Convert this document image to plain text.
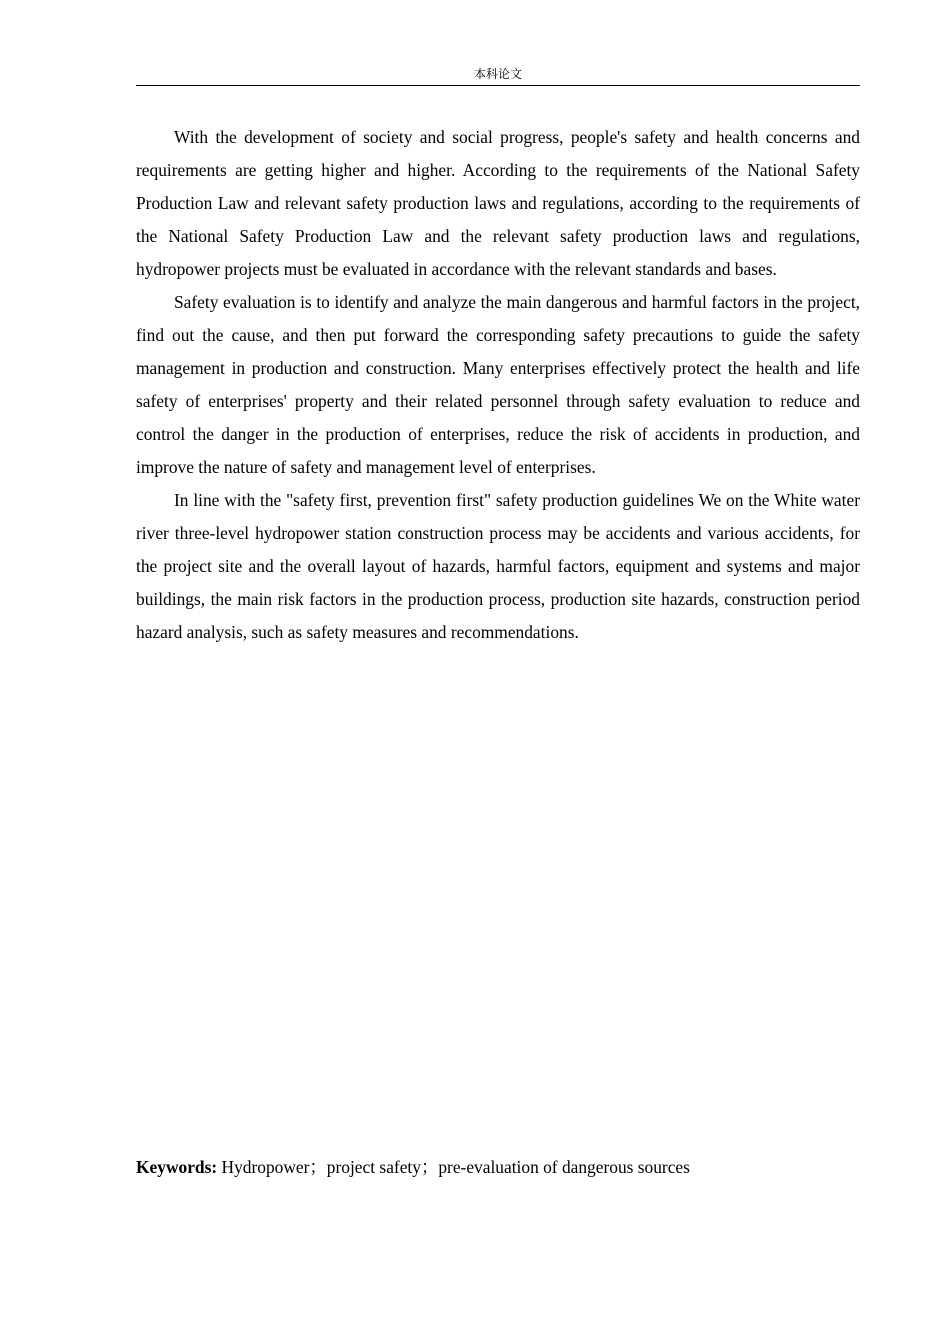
本科论文

With the development of society and social progress, people's safety and health concerns and requirements are getting higher and higher. According to the requirements of the National Safety Production Law and relevant safety production laws and regulations, according to the requirements of the National Safety Production Law and the relevant safety production laws and regulations, hydropower projects must be evaluated in accordance with the relevant standards and bases.

Safety evaluation is to identify and analyze the main dangerous and harmful factors in the project, find out the cause, and then put forward the corresponding safety precautions to guide the safety management in production and construction. Many enterprises effectively protect the health and life safety of enterprises' property and their related personnel through safety evaluation to reduce and control the danger in the production of enterprises, reduce the risk of accidents in production, and improve the nature of safety and management level of enterprises.

In line with the "safety first, prevention first" safety production guidelines We on the White water river three-level hydropower station construction process may be accidents and various accidents, for the project site and the overall layout of hazards, harmful factors, equipment and systems and major buildings, the main risk factors in the production process, production site hazards, construction period hazard analysis, such as safety measures and recommendations.

Keywords: Hydropower；project safety；pre-evaluation of dangerous sources
